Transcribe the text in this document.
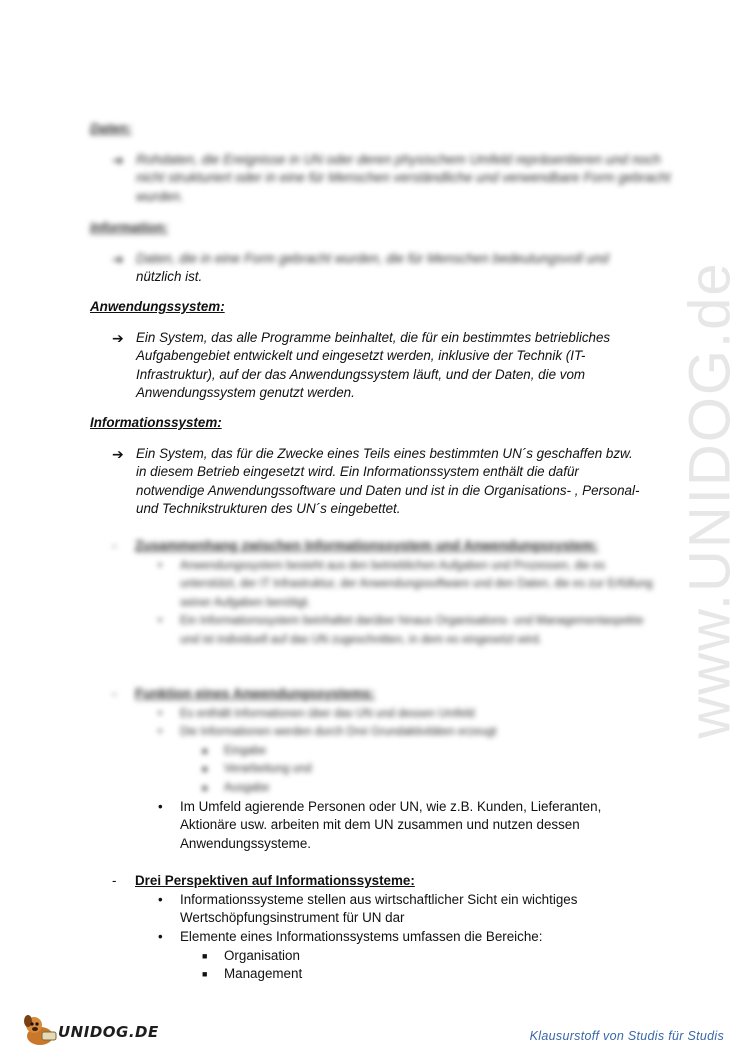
www.UNIDOG.de
Daten:
➔ Rohdaten, die Ereignisse in UN oder deren physischem Umfeld repräsentieren und noch nicht strukturiert oder in eine für Menschen verständliche und verwendbare Form gebracht wurden.
Information:
➔ Daten, die in eine Form gebracht wurden, die für Menschen bedeutungsvoll und
nützlich ist.
Anwendungssystem:
➔ Ein System, das alle Programme beinhaltet, die für ein bestimmtes betriebliches
Aufgabengebiet entwickelt und eingesetzt werden, inklusive der Technik (IT-
Infrastruktur), auf der das Anwendungssystem läuft, und der Daten, die vom
Anwendungssystem genutzt werden.
Informationssystem:
➔ Ein System, das für die Zwecke eines Teils eines bestimmten UN´s geschaffen bzw.
in diesem Betrieb eingesetzt wird. Ein Informationssystem enthält die dafür
notwendige Anwendungssoftware und Daten und ist in die Organisations- , Personal-
und Technikstrukturen des UN´s eingebettet.
- Zusammenhang zwischen Informationssystem und Anwendungssystem:
• Anwendungssystem besteht aus den betrieblichen Aufgaben und Prozessen, die es unterstützt, der IT Infrastruktur, der Anwendungssoftware und den Daten, die es zur Erfüllung seiner Aufgaben benötigt.
• Ein Informationssystem beinhaltet darüber hinaus Organisations- und Managementaspekte und ist individuell auf das UN zugeschnitten, in dem es eingesetzt wird.
- Funktion eines Anwendungssystems:
• Es enthält Informationen über das UN und dessen Umfeld
• Die Informationen werden durch Drei Grundaktivitäten erzeugt
■ Eingabe
■ Verarbeitung und
■ Ausgabe
• Im Umfeld agierende Personen oder UN, wie z.B. Kunden, Lieferanten,
Aktionäre usw. arbeiten mit dem UN zusammen und nutzen dessen
Anwendungssysteme.
- Drei Perspektiven auf Informationssysteme:
• Informationssysteme stellen aus wirtschaftlicher Sicht ein wichtiges
Wertschöpfungsinstrument für UN dar
• Elemente eines Informationssystems umfassen die Bereiche:
■ Organisation
■ Management
UNIDOG.DE	Klausurstoff von Studis für Studis
